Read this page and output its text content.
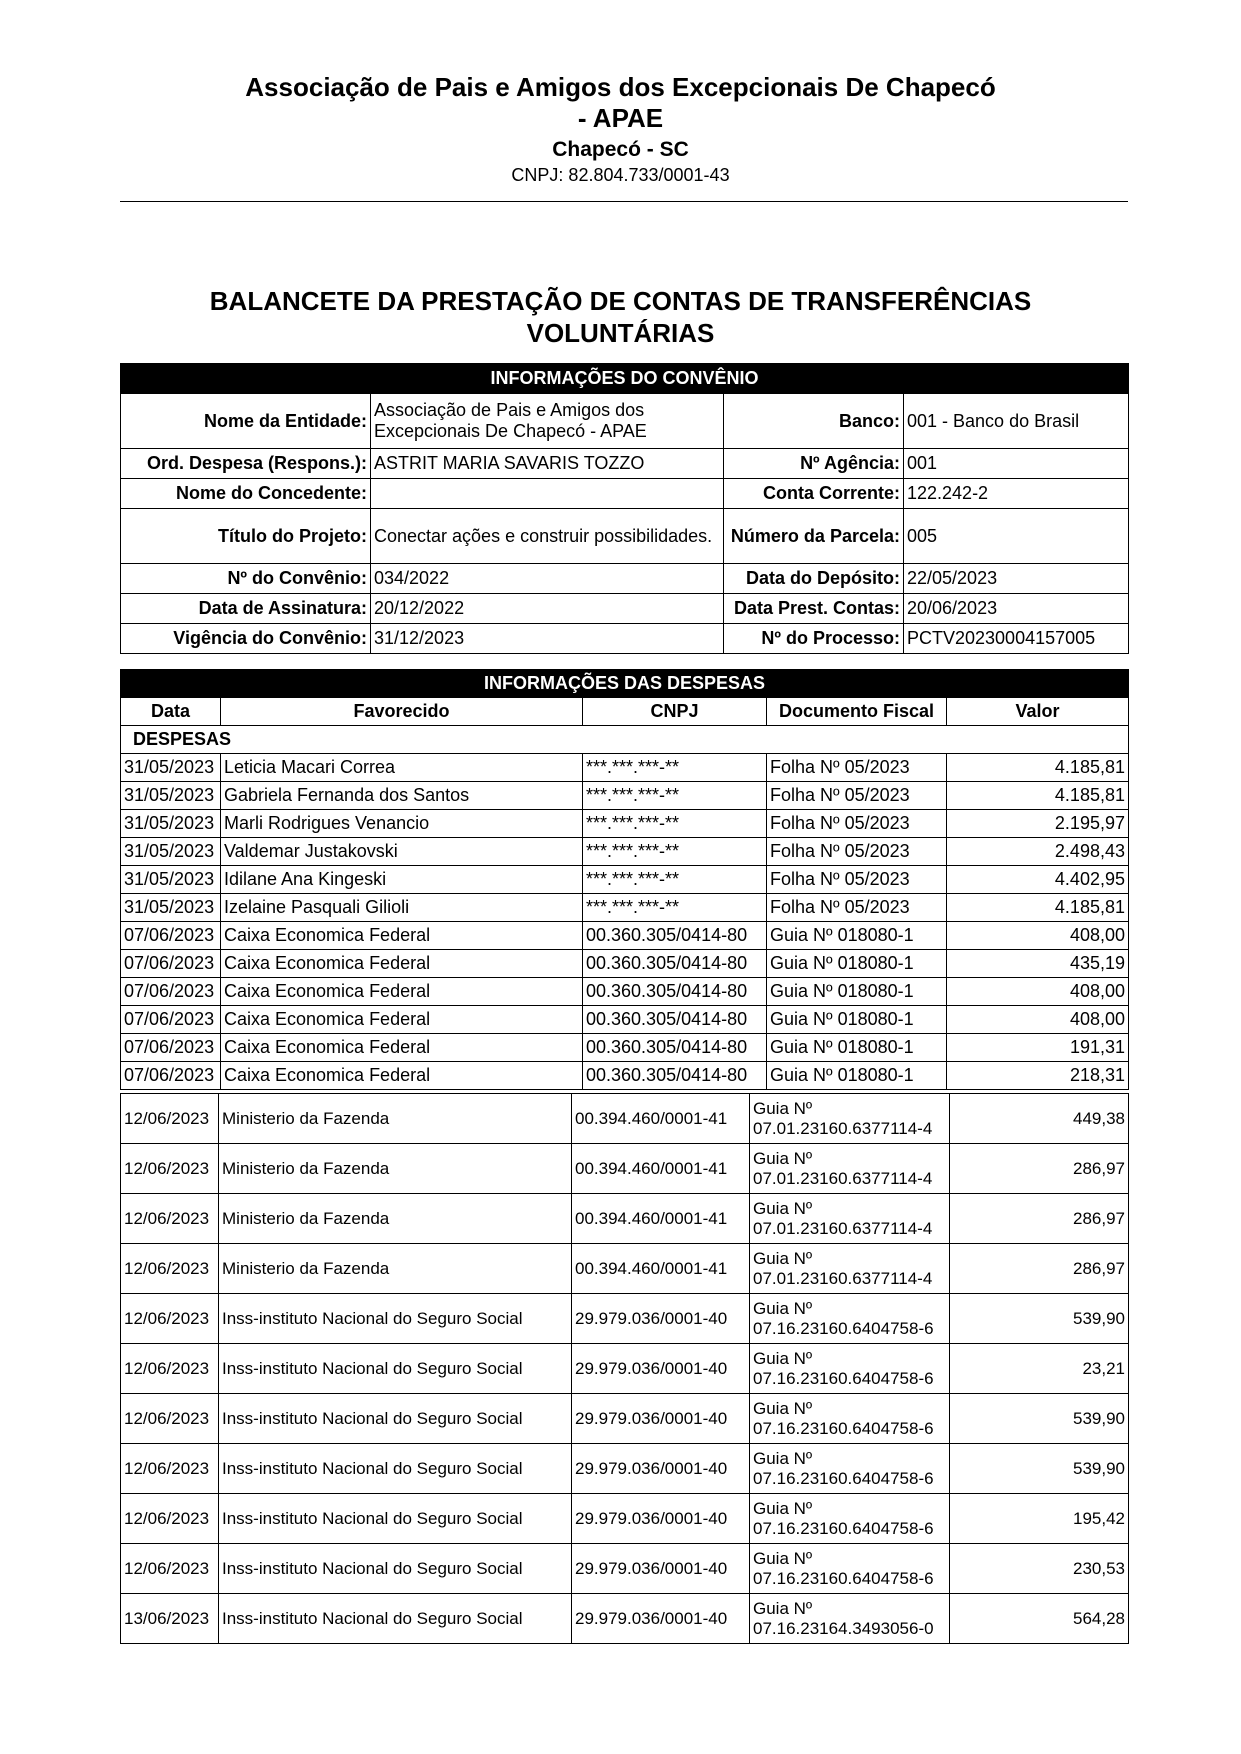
Associação de Pais e Amigos dos Excepcionais De Chapecó - APAE
Chapecó - SC
CNPJ: 82.804.733/0001-43
BALANCETE DA PRESTAÇÃO DE CONTAS DE TRANSFERÊNCIAS
VOLUNTÁRIAS
INFORMAÇÕES DO CONVÊNIO			
Nome da Entidade:	Associação de Pais e Amigos dos Excepcionais De Chapecó - APAE	Banco:	001 - Banco do Brasil
Ord. Despesa (Respons.):	ASTRIT MARIA SAVARIS TOZZO	Nº Agência:	001
Nome do Concedente:		Conta Corrente:	122.242-2
Título do Projeto:	Conectar ações e construir possibilidades.	Número da Parcela:	005
Nº do Convênio:	034/2022	Data do Depósito:	22/05/2023
Data de Assinatura:	20/12/2022	Data Prest. Contas:	20/06/2023
Vigência do Convênio:	31/12/2023	Nº do Processo:	PCTV20230004157005
INFORMAÇÕES DAS DESPESAS				
Data	Favorecido	CNPJ	Documento Fiscal	Valor
DESPESAS				
31/05/2023	Leticia Macari Correa	***.***.***-**	Folha Nº 05/2023	4.185,81
31/05/2023	Gabriela Fernanda dos Santos	***.***.***-**	Folha Nº 05/2023	4.185,81
31/05/2023	Marli Rodrigues Venancio	***.***.***-**	Folha Nº 05/2023	2.195,97
31/05/2023	Valdemar Justakovski	***.***.***-**	Folha Nº 05/2023	2.498,43
31/05/2023	Idilane Ana Kingeski	***.***.***-**	Folha Nº 05/2023	4.402,95
31/05/2023	Izelaine Pasquali Gilioli	***.***.***-**	Folha Nº 05/2023	4.185,81
07/06/2023	Caixa Economica Federal	00.360.305/0414-80	Guia Nº 018080-1	408,00
07/06/2023	Caixa Economica Federal	00.360.305/0414-80	Guia Nº 018080-1	435,19
07/06/2023	Caixa Economica Federal	00.360.305/0414-80	Guia Nº 018080-1	408,00
07/06/2023	Caixa Economica Federal	00.360.305/0414-80	Guia Nº 018080-1	408,00
07/06/2023	Caixa Economica Federal	00.360.305/0414-80	Guia Nº 018080-1	191,31
07/06/2023	Caixa Economica Federal	00.360.305/0414-80	Guia Nº 018080-1	218,31
12/06/2023	Ministerio da Fazenda	00.394.460/0001-41	Guia Nº
07.01.23160.6377114-4	449,38
12/06/2023	Ministerio da Fazenda	00.394.460/0001-41	Guia Nº
07.01.23160.6377114-4	286,97
12/06/2023	Ministerio da Fazenda	00.394.460/0001-41	Guia Nº
07.01.23160.6377114-4	286,97
12/06/2023	Ministerio da Fazenda	00.394.460/0001-41	Guia Nº
07.01.23160.6377114-4	286,97
12/06/2023	Inss-instituto Nacional do Seguro Social	29.979.036/0001-40	Guia Nº
07.16.23160.6404758-6	539,90
12/06/2023	Inss-instituto Nacional do Seguro Social	29.979.036/0001-40	Guia Nº
07.16.23160.6404758-6	23,21
12/06/2023	Inss-instituto Nacional do Seguro Social	29.979.036/0001-40	Guia Nº
07.16.23160.6404758-6	539,90
12/06/2023	Inss-instituto Nacional do Seguro Social	29.979.036/0001-40	Guia Nº
07.16.23160.6404758-6	539,90
12/06/2023	Inss-instituto Nacional do Seguro Social	29.979.036/0001-40	Guia Nº
07.16.23160.6404758-6	195,42
12/06/2023	Inss-instituto Nacional do Seguro Social	29.979.036/0001-40	Guia Nº
07.16.23160.6404758-6	230,53
13/06/2023	Inss-instituto Nacional do Seguro Social	29.979.036/0001-40	Guia Nº
07.16.23164.3493056-0	564,28
